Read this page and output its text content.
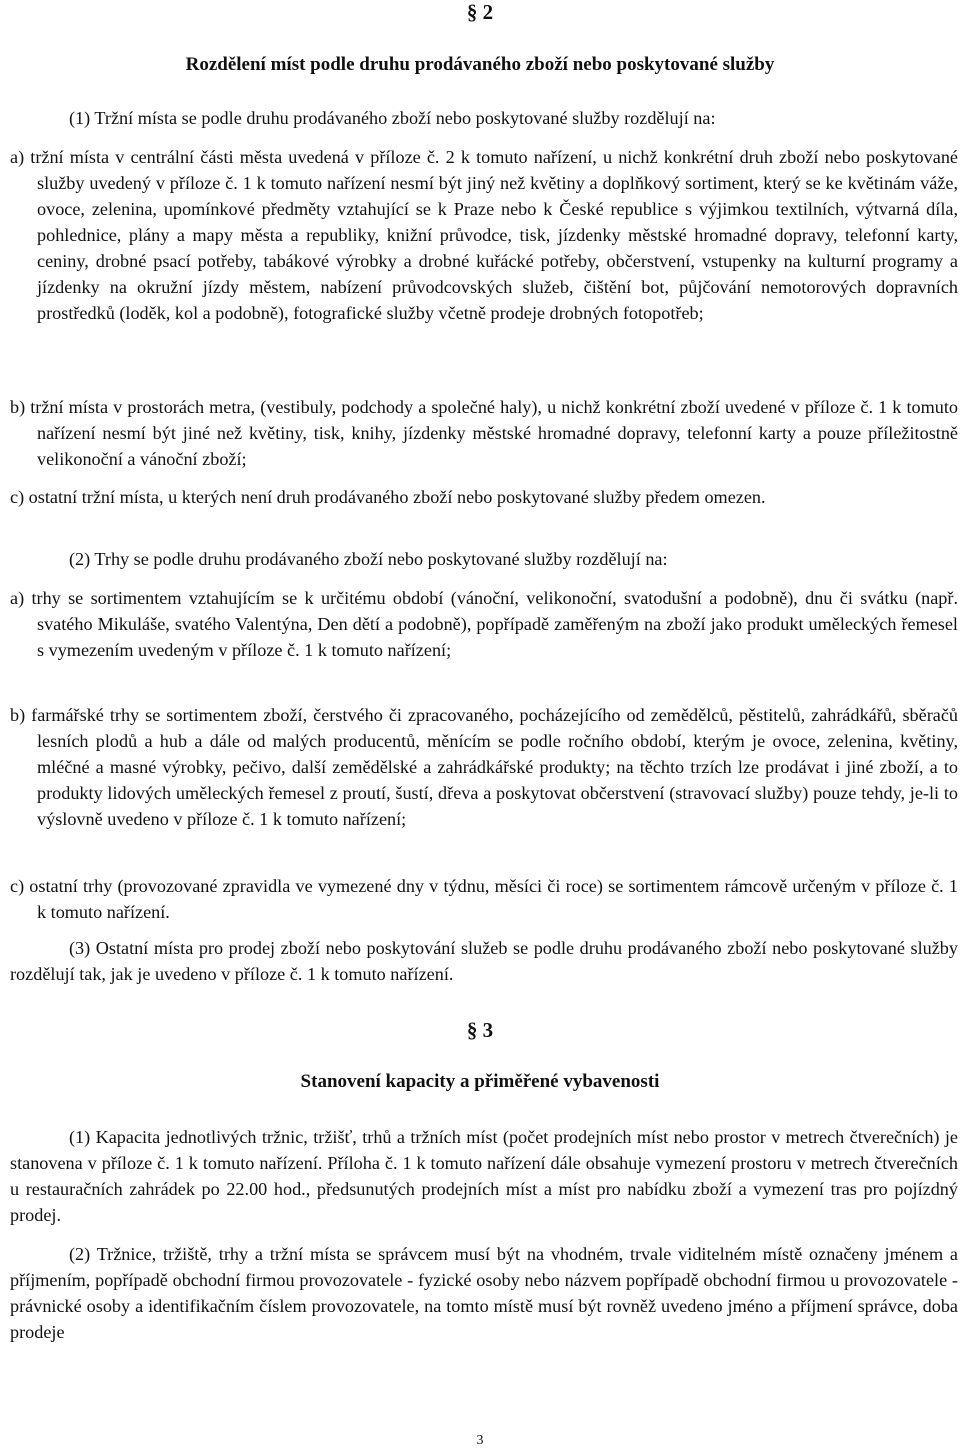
§ 2

Rozdělení míst podle druhu prodávaného zboží nebo poskytované služby

(1) Tržní místa se podle druhu prodávaného zboží nebo poskytované služby rozdělují na:

a) tržní místa v centrální části města uvedená v příloze č. 2 k tomuto nařízení, u nichž konkrétní druh zboží nebo poskytované služby uvedený v příloze č. 1 k tomuto nařízení nesmí být jiný než květiny a doplňkový sortiment, který se ke květinám váže, ovoce, zelenina, upomínkové předměty vztahující se k Praze nebo k České republice s výjimkou textilních, výtvarná díla, pohlednice, plány a mapy města a republiky, knižní průvodce, tisk, jízdenky městské hromadné dopravy, telefonní karty, ceniny, drobné psací potřeby, tabákové výrobky a drobné kuřácké potřeby, občerstvení, vstupenky na kulturní programy a jízdenky na okružní jízdy městem, nabízení průvodcovských služeb, čištění bot, půjčování nemotorových dopravních prostředků (loděk, kol a podobně), fotografické služby včetně prodeje drobných fotopotřeb;

b) tržní místa v prostorách metra, (vestibuly, podchody a společné haly), u nichž konkrétní zboží uvedené v příloze č. 1 k tomuto nařízení nesmí být jiné než květiny, tisk, knihy, jízdenky městské hromadné dopravy, telefonní karty a pouze příležitostně velikonoční a vánoční zboží;

c) ostatní tržní místa, u kterých není druh prodávaného zboží nebo poskytované služby předem omezen.

(2) Trhy se podle druhu prodávaného zboží nebo poskytované služby rozdělují na:

a) trhy se sortimentem vztahujícím se k určitému období (vánoční, velikonoční, svatodušní a podobně), dnu či svátku (např. svatého Mikuláše, svatého Valentýna, Den dětí a podobně), popřípadě zaměřeným na zboží jako produkt uměleckých řemesel s vymezením uvedeným v příloze č. 1 k tomuto nařízení;

b) farmářské trhy se sortimentem zboží, čerstvého či zpracovaného, pocházejícího od zemědělců, pěstitelů, zahrádkářů, sběračů lesních plodů a hub a dále od malých producentů, měnícím se podle ročního období, kterým je ovoce, zelenina, květiny, mléčné a masné výrobky, pečivo, další zemědělské a zahrádkářské produkty; na těchto trzích lze prodávat i jiné zboží, a to produkty lidových uměleckých řemesel z proutí, šustí, dřeva a poskytovat občerstvení (stravovací služby) pouze tehdy, je-li to výslovně uvedeno v příloze č. 1 k tomuto nařízení;

c) ostatní trhy (provozované zpravidla ve vymezené dny v týdnu, měsíci či roce) se sortimentem rámcově určeným v příloze č. 1 k tomuto nařízení.

(3) Ostatní místa pro prodej zboží nebo poskytování služeb se podle druhu prodávaného zboží nebo poskytované služby rozdělují tak, jak je uvedeno v příloze č. 1 k tomuto nařízení.

§ 3

Stanovení kapacity a přiměřené vybavenosti

(1) Kapacita jednotlivých tržnic, tržišť, trhů a tržních míst (počet prodejních míst nebo prostor v metrech čtverečních) je stanovena v příloze č. 1 k tomuto nařízení. Příloha č. 1 k tomuto nařízení dále obsahuje vymezení prostoru v metrech čtverečních u restauračních zahrádek po 22.00 hod., předsunutých prodejních míst a míst pro nabídku zboží a vymezení tras pro pojízdný prodej.

(2) Tržnice, tržiště, trhy a tržní místa se správcem musí být na vhodném, trvale viditelném místě označeny jménem a příjmením, popřípadě obchodní firmou provozovatele - fyzické osoby nebo názvem popřípadě obchodní firmou u provozovatele - právnické osoby a identifikačním číslem provozovatele, na tomto místě musí být rovněž uvedeno jméno a příjmení správce, doba prodeje

3
